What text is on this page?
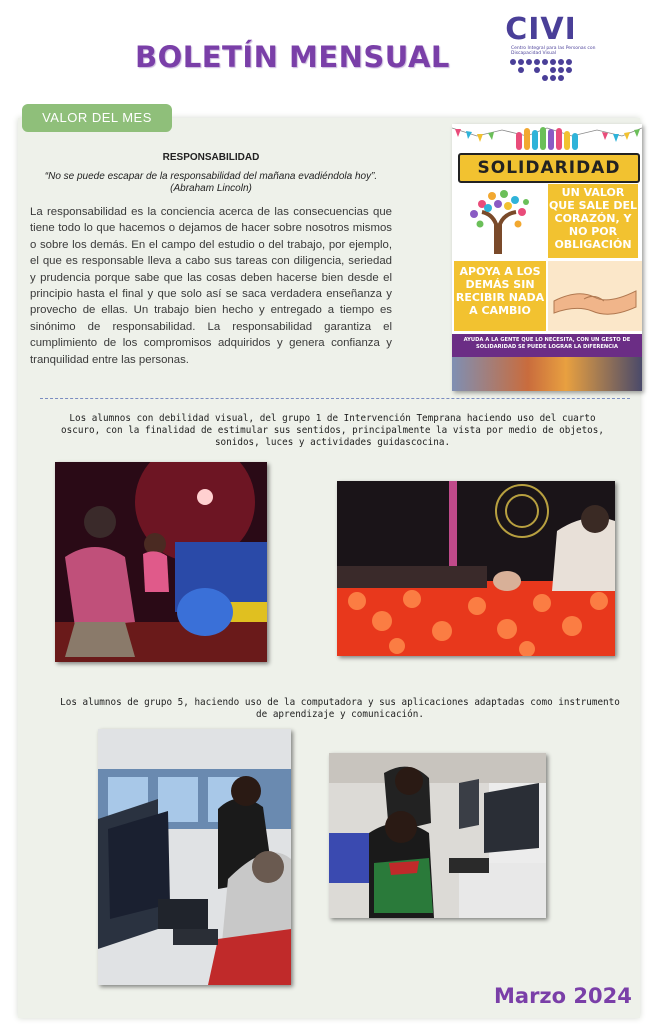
BOLETÍN MENSUAL
CIVI
Centro Integral para las Personas con Discapacidad Visual
VALOR DEL MES
RESPONSABILIDAD
“No se puede escapar de la responsabilidad del mañana evadiéndola hoy”.
(Abraham Lincoln)
La responsabilidad es la conciencia acerca de las consecuencias que tiene todo lo que hacemos o dejamos de hacer sobre nosotros mismos o sobre los demás. En el campo del estudio o del trabajo, por ejemplo, el que es responsable lleva a cabo sus tareas con diligencia, seriedad y prudencia porque sabe que las cosas deben hacerse bien desde el principio hasta el final y que solo así se saca verdadera enseñanza y provecho de ellas. Un trabajo bien hecho y entregado a tiempo es sinónimo de responsabilidad. La responsabilidad garantiza el cumplimiento de los compromisos adquiridos y genera confianza y tranquilidad entre las personas.
SOLIDARIDAD
UN VALOR QUE SALE DEL CORAZÓN, Y NO POR OBLIGACIÓN
APOYA A LOS DEMÁS SIN RECIBIR NADA A CAMBIO
AYUDA A LA GENTE QUE LO NECESITA, CON UN GESTO DE SOLIDARIDAD SE PUEDE LOGRAR LA DIFERENCIA
Los alumnos con debilidad visual, del grupo 1 de Intervención Temprana haciendo uso del cuarto oscuro, con la finalidad de estimular sus sentidos, principalmente la vista por medio de objetos, sonidos, luces y actividades guidascocina.
Los alumnos de grupo 5, haciendo uso de la computadora y sus aplicaciones adaptadas como instrumento de aprendizaje y comunicación.
Marzo 2024
